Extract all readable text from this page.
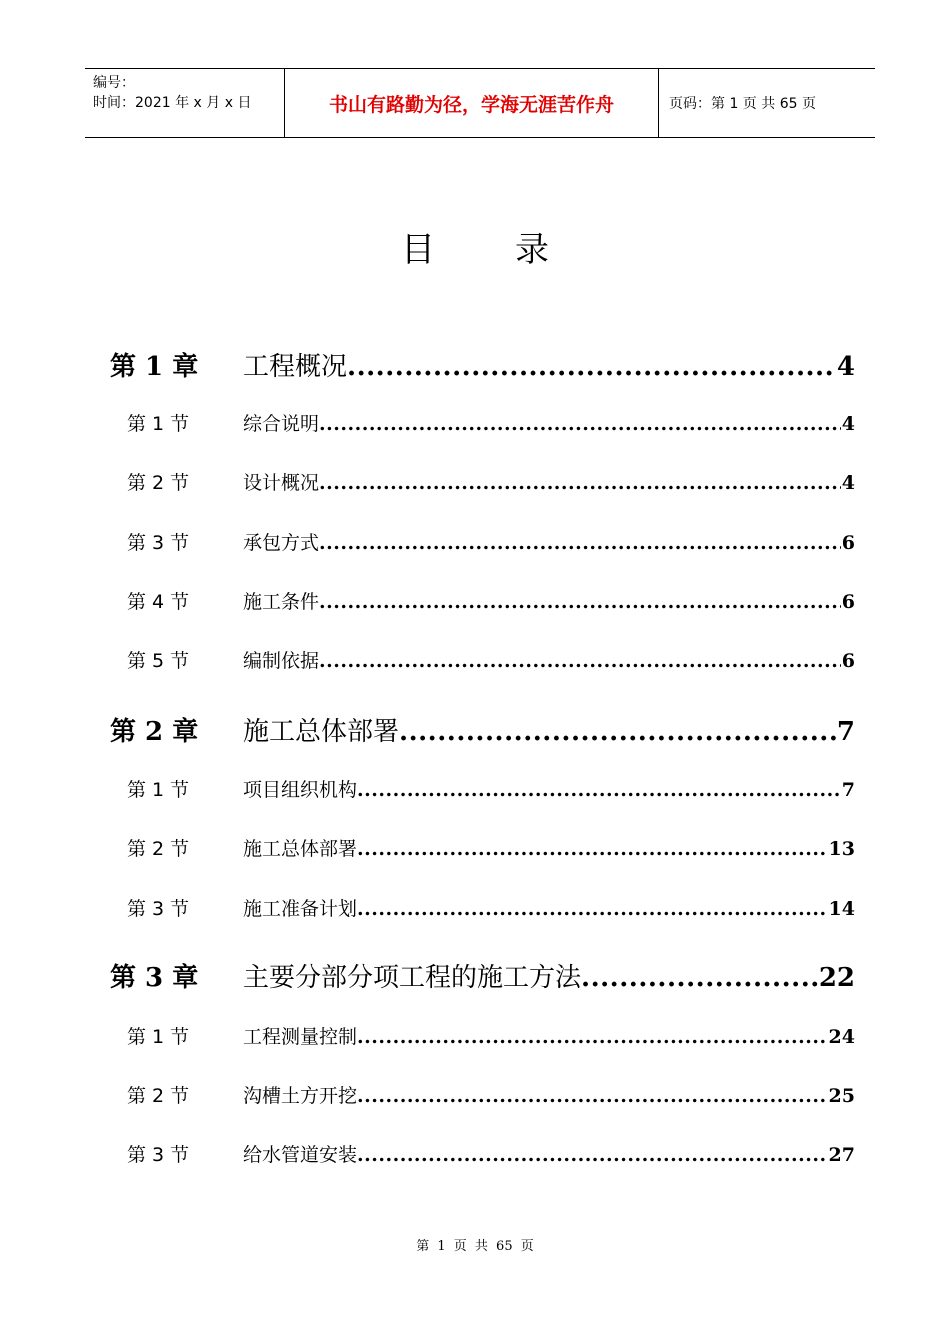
编号：
时间：2021 年 x 月 x 日	书山有路勤为径，学海无涯苦作舟	页码：第 1 页 共 65 页
目录
第 1 章 工程概况 .....	4
第 1 节	综合说明 .....	4
第 2 节	设计概况 .....	4
第 3 节	承包方式 .....	6
第 4 节	施工条件 .....	6
第 5 节	编制依据 .....	6
第 2 章 施工总体部署 .....	7
第 1 节	项目组织机构 .....	7
第 2 节	施工总体部署 .....	13
第 3 节	施工准备计划 .....	14
第 3 章 主要分部分项工程的施工方法 .....	22
第 1 节	工程测量控制 .....	24
第 2 节	沟槽土方开挖 .....	25
第 3 节	给水管道安装 .....	27
第 1 页 共 65 页
